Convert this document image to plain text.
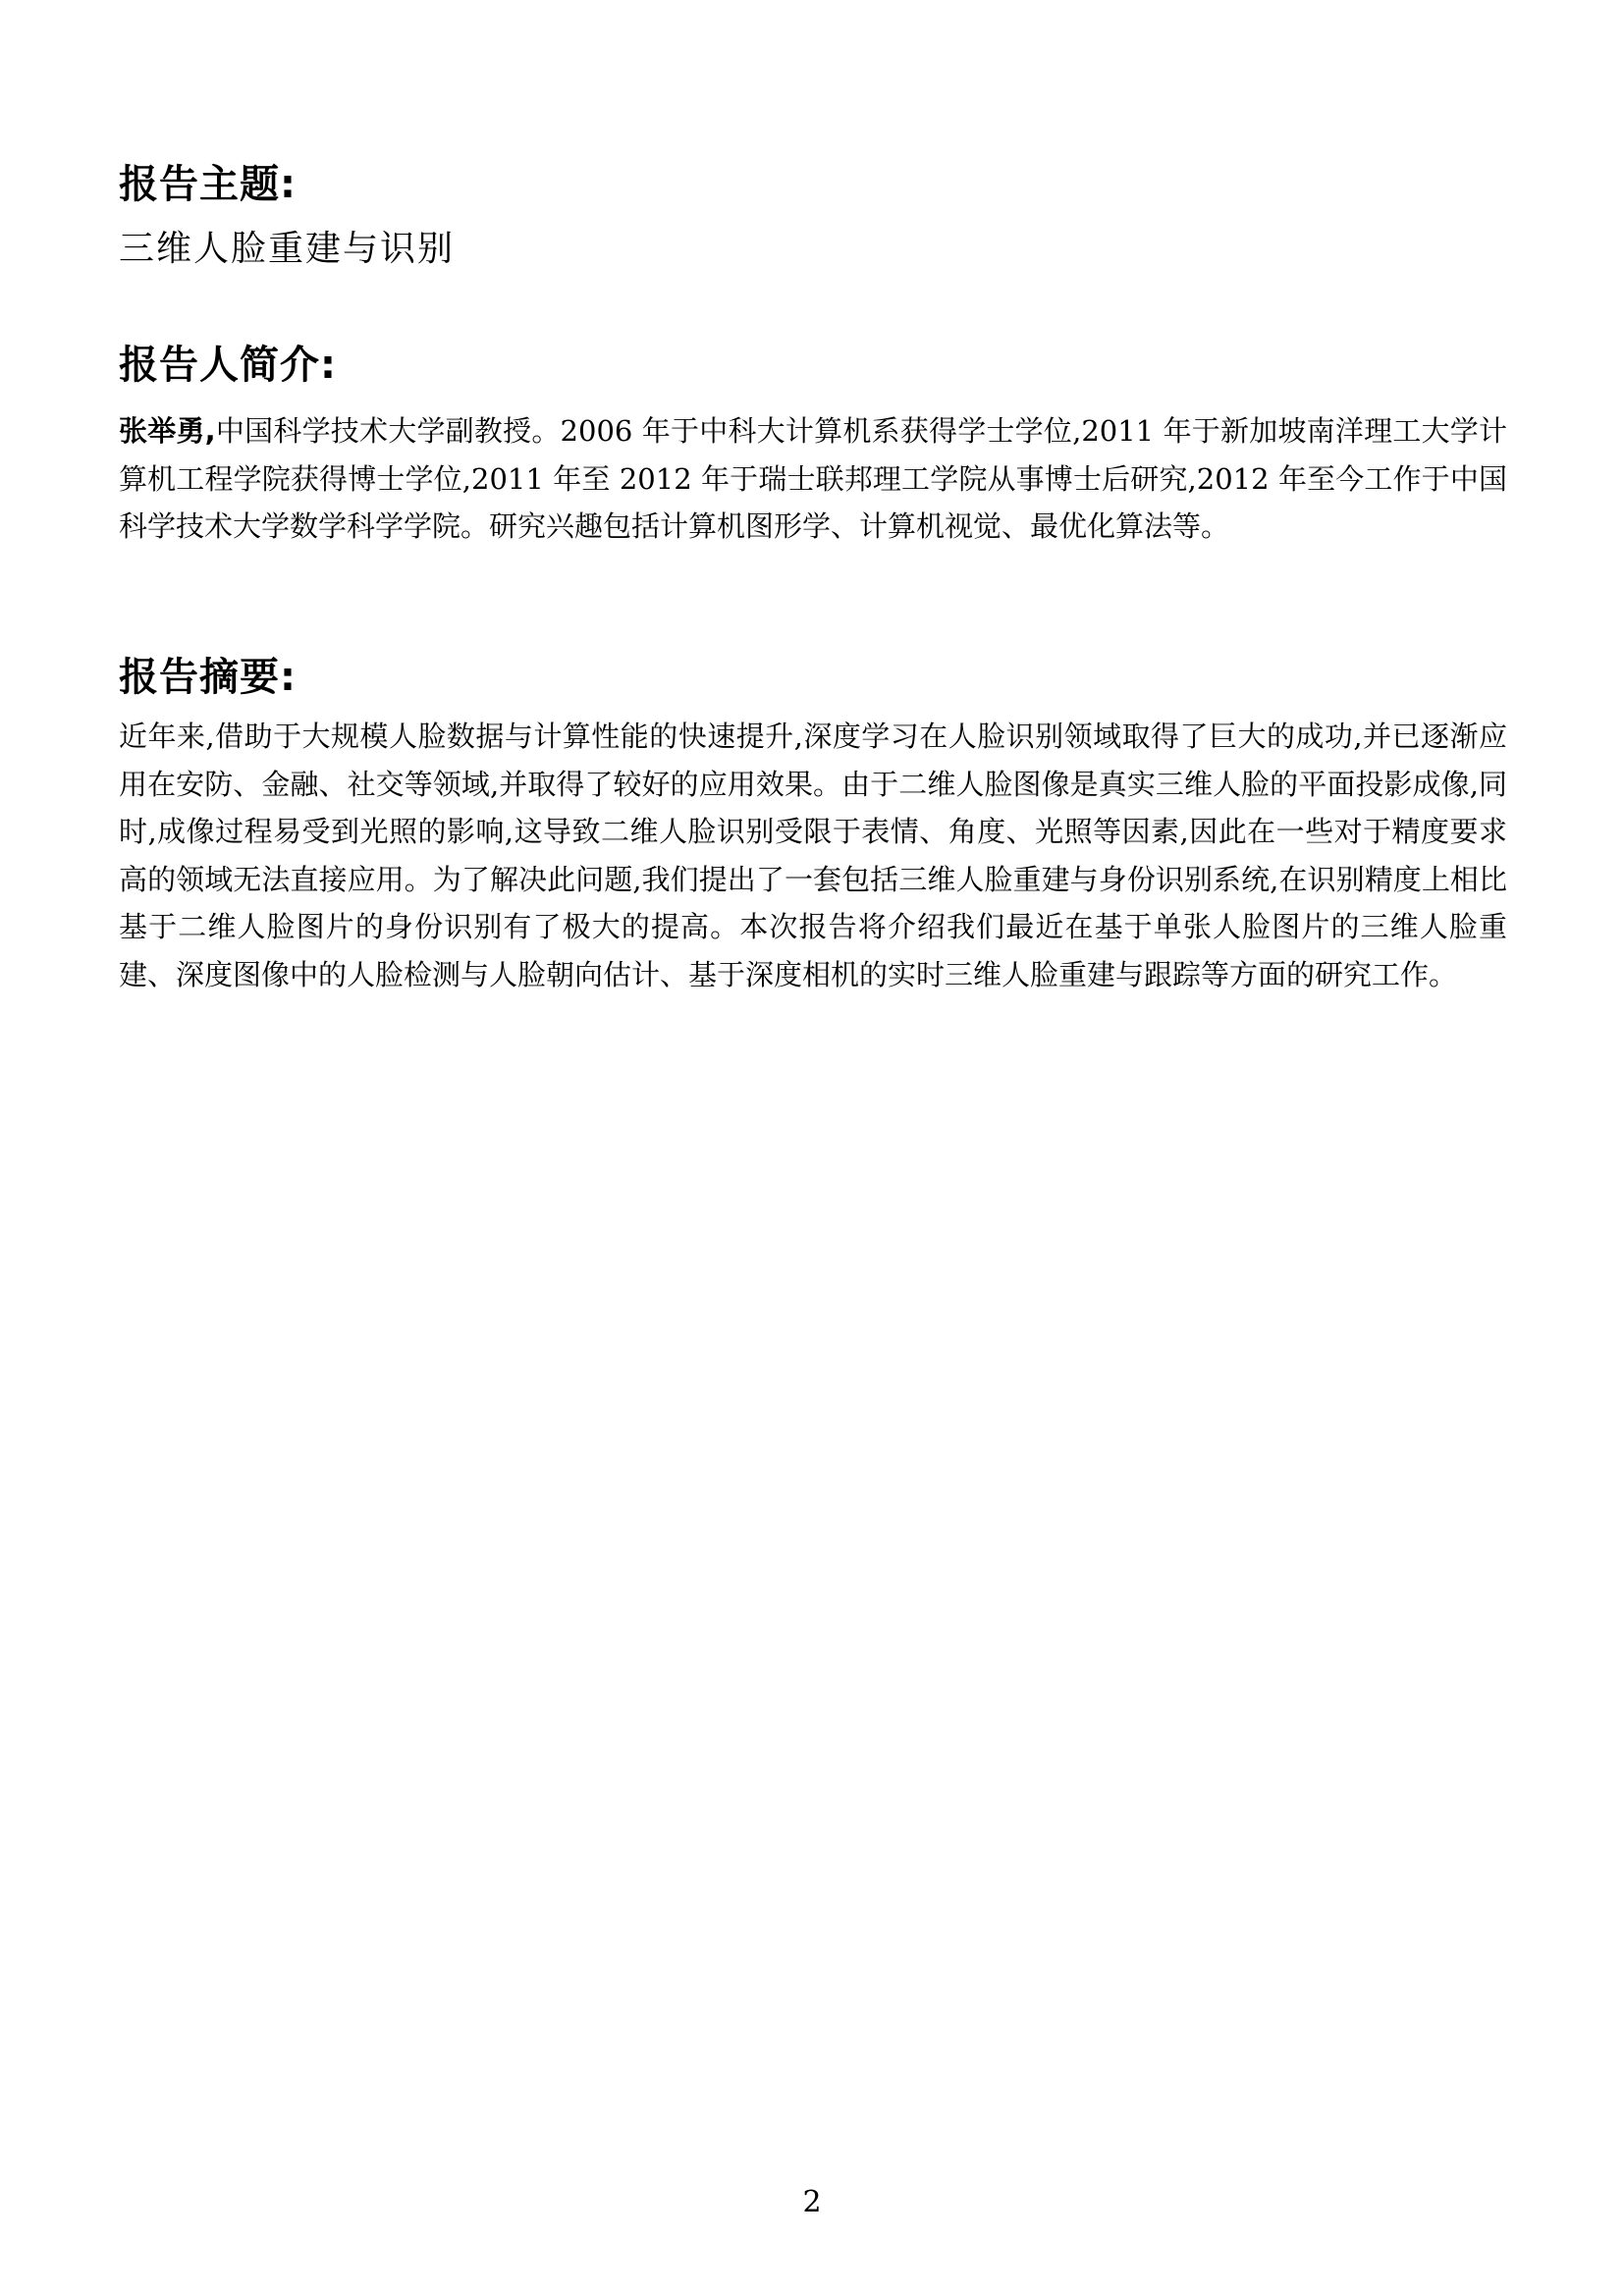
报告主题:

三维人脸重建与识别

报告人简介:

张举勇,中国科学技术大学副教授。2006 年于中科大计算机系获得学士学位,2011 年于新加坡南洋理工大学计算机工程学院获得博士学位,2011 年至 2012 年于瑞士联邦理工学院从事博士后研究,2012 年至今工作于中国科学技术大学数学科学学院。研究兴趣包括计算机图形学、计算机视觉、最优化算法等。

报告摘要:

近年来,借助于大规模人脸数据与计算性能的快速提升,深度学习在人脸识别领域取得了巨大的成功,并已逐渐应用在安防、金融、社交等领域,并取得了较好的应用效果。由于二维人脸图像是真实三维人脸的平面投影成像,同时,成像过程易受到光照的影响,这导致二维人脸识别受限于表情、角度、光照等因素,因此在一些对于精度要求高的领域无法直接应用。为了解决此问题,我们提出了一套包括三维人脸重建与身份识别系统,在识别精度上相比基于二维人脸图片的身份识别有了极大的提高。本次报告将介绍我们最近在基于单张人脸图片的三维人脸重建、深度图像中的人脸检测与人脸朝向估计、基于深度相机的实时三维人脸重建与跟踪等方面的研究工作。

2
